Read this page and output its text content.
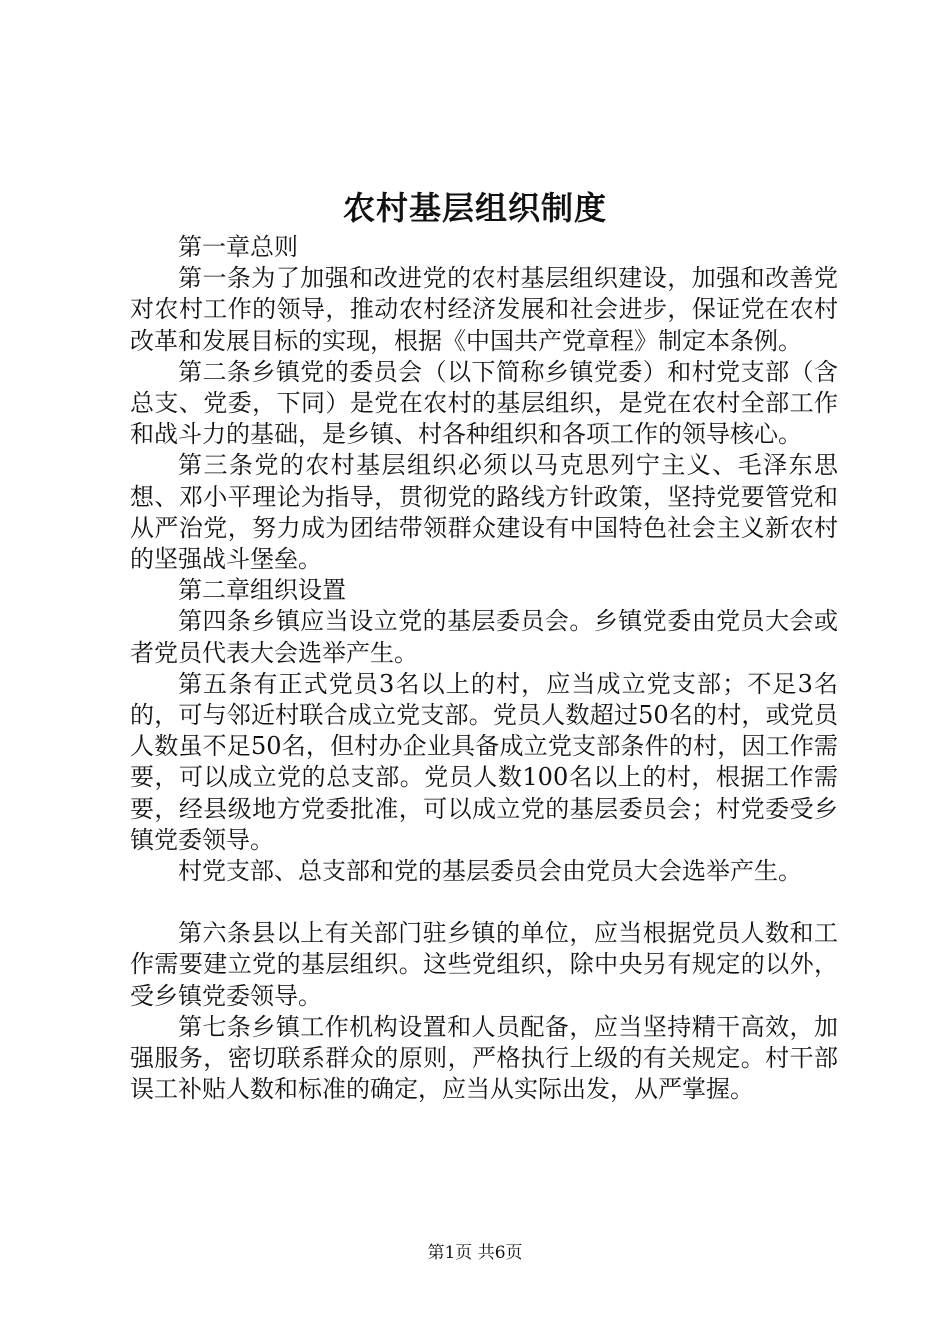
农村基层组织制度

第一章总则

第一条为了加强和改进党的农村基层组织建设，加强和改善党对农村工作的领导，推动农村经济发展和社会进步，保证党在农村改革和发展目标的实现，根据《中国共产党章程》制定本条例。

第二条乡镇党的委员会（以下简称乡镇党委）和村党支部（含总支、党委，下同）是党在农村的基层组织，是党在农村全部工作和战斗力的基础，是乡镇、村各种组织和各项工作的领导核心。

第三条党的农村基层组织必须以马克思列宁主义、毛泽东思想、邓小平理论为指导，贯彻党的路线方针政策，坚持党要管党和从严治党，努力成为团结带领群众建设有中国特色社会主义新农村的坚强战斗堡垒。

第二章组织设置

第四条乡镇应当设立党的基层委员会。乡镇党委由党员大会或者党员代表大会选举产生。

第五条有正式党员3名以上的村，应当成立党支部；不足3名的，可与邻近村联合成立党支部。党员人数超过50名的村，或党员人数虽不足50名，但村办企业具备成立党支部条件的村，因工作需要，可以成立党的总支部。党员人数100名以上的村，根据工作需要，经县级地方党委批准，可以成立党的基层委员会；村党委受乡镇党委领导。

村党支部、总支部和党的基层委员会由党员大会选举产生。

第六条县以上有关部门驻乡镇的单位，应当根据党员人数和工作需要建立党的基层组织。这些党组织，除中央另有规定的以外，受乡镇党委领导。

第七条乡镇工作机构设置和人员配备，应当坚持精干高效，加强服务，密切联系群众的原则，严格执行上级的有关规定。村干部误工补贴人数和标准的确定，应当从实际出发，从严掌握。

第1页 共6页
